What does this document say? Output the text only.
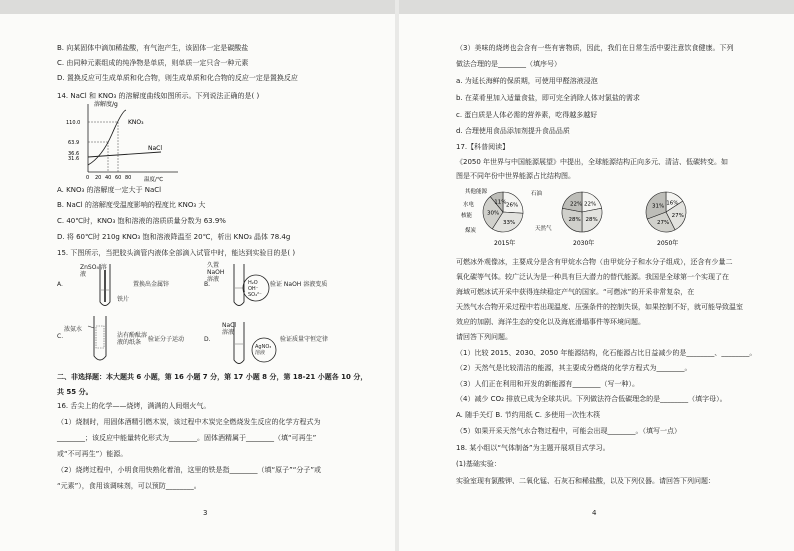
B. 向某固体中滴加稀盐酸，有气泡产生，该固体一定是碳酸盐
C. 由同种元素组成的纯净物是单质，则单质一定只含一种元素
D. 置换反应可生成单质和化合物，则生成单质和化合物的反应一定是置换反应
14. NaCl 和 KNO₃ 的溶解度曲线如图所示。下列说法正确的是( )
溶解度/g
温度/℃
110.0
63.9
36.6
31.6
0 20 40 60 80
KNO₃
NaCl
A. KNO₃ 的溶解度一定大于 NaCl
B. NaCl 的溶解度受温度影响的程度比 KNO₃ 大
C. 40℃时，KNO₃ 饱和溶液的溶质质量分数为 63.9%
D. 将 60℃时 210g KNO₃ 饱和溶液降温至 20℃，析出 KNO₃ 晶体 78.4g
15. 下图所示，当把胶头滴管内液体全部滴入试管中时，能达到实验目的是( )
A.
ZnSO₄ 溶液
铁片
置换出金属锌	B.
久置 NaOH 溶液	H₂O OH⁻ SO₄²⁻
验证 NaOH 溶液变质
C.
浓氨水
沾有酚酞溶液的纸条	验证分子运动	D.
NaCl 溶液
AgNO₃ 溶液
验证质量守恒定律
二、非选择题：本大题共 6 小题，第 16 小题 7 分，第 17 小题 8 分，第 18-21 小题各 10 分，
共 55 分。
16. 舌尖上的化学——烧烤，满满的人间烟火气。
（1）烧制时，用固体酒精引燃木炭，该过程中木炭完全燃烧发生反应的化学方程式为
________；该反应中能量转化形式为________。固体酒精属于________（填“可再生”
或“不可再生”）能源。
（2）烧烤过程中，小明食用快熟化着油，这里的铁是指________（填“原子”“分子”或
“元素”），食用该调味剂，可以预防________。
3
（3）美味的烧烤也会含有一些有害物质，因此，我们在日常生活中要注意饮食健康。下列
做法合理的是________（填序号）
a. 为延长海鲜的保质期，可使用甲醛溶液浸泡
b. 在菜肴里加入适量食盐，即可完全消除人体对氯盐的需求
c. 蛋白质是人体必需的营养素，吃得越多越好
d. 合理使用食品添加剂提升食品品质
17.【科普阅读】
《2050 年世界与中国能源展望》中提出，全球能源结构正向多元、清洁、低碳转变。如
图是不同年份中世界能源占比结构图。
其他能源	石油
水电
核能
煤炭	天然气
26%
33%
30%
11%
2015年
22%
28%
28%
22%
2030年
16%
27%
27%
31%
2050年
可燃冰外观像冰，主要成分是含有甲烷水合物（由甲烷分子和水分子组成），还含有少量二
氧化碳等气体。较广泛认为是一种具有巨大潜力的替代能源。我国是全球第一个实现了在
海域可燃冰试开采中获得连续稳定产气的国家。“可燃冰”的开采非常复杂，在
天然气水合物开采过程中若出现温度、压强条件的控制失误，如果控制不好，就可能导致温室
效应的加剧、海洋生态的变化以及海底滑塌事件等环境问题。
请回答下列问题。
（1）比较 2015、2030、2050 年能源结构，化石能源占比日益减少的是________、________。
（2）天然气是比较清洁的能源，其主要成分燃烧的化学方程式为________。
（3）人们正在利用和开发的新能源有________（写一种）。
（4）减少 CO₂ 排放已成为全球共识。下列做法符合低碳理念的是________（填字母）。
A. 随手关灯 B. 节约用纸 C. 多使用一次性木筷
（5）如果开采天然气水合物过程中，可能会出现________。（填写一点）
18. 某小组以“气体制备”为主题开展项目式学习。
(1)基础实验：
实验室现有氯酸钾、二氧化锰、石灰石和稀盐酸，以及下列仪器。请回答下列问题：
4
